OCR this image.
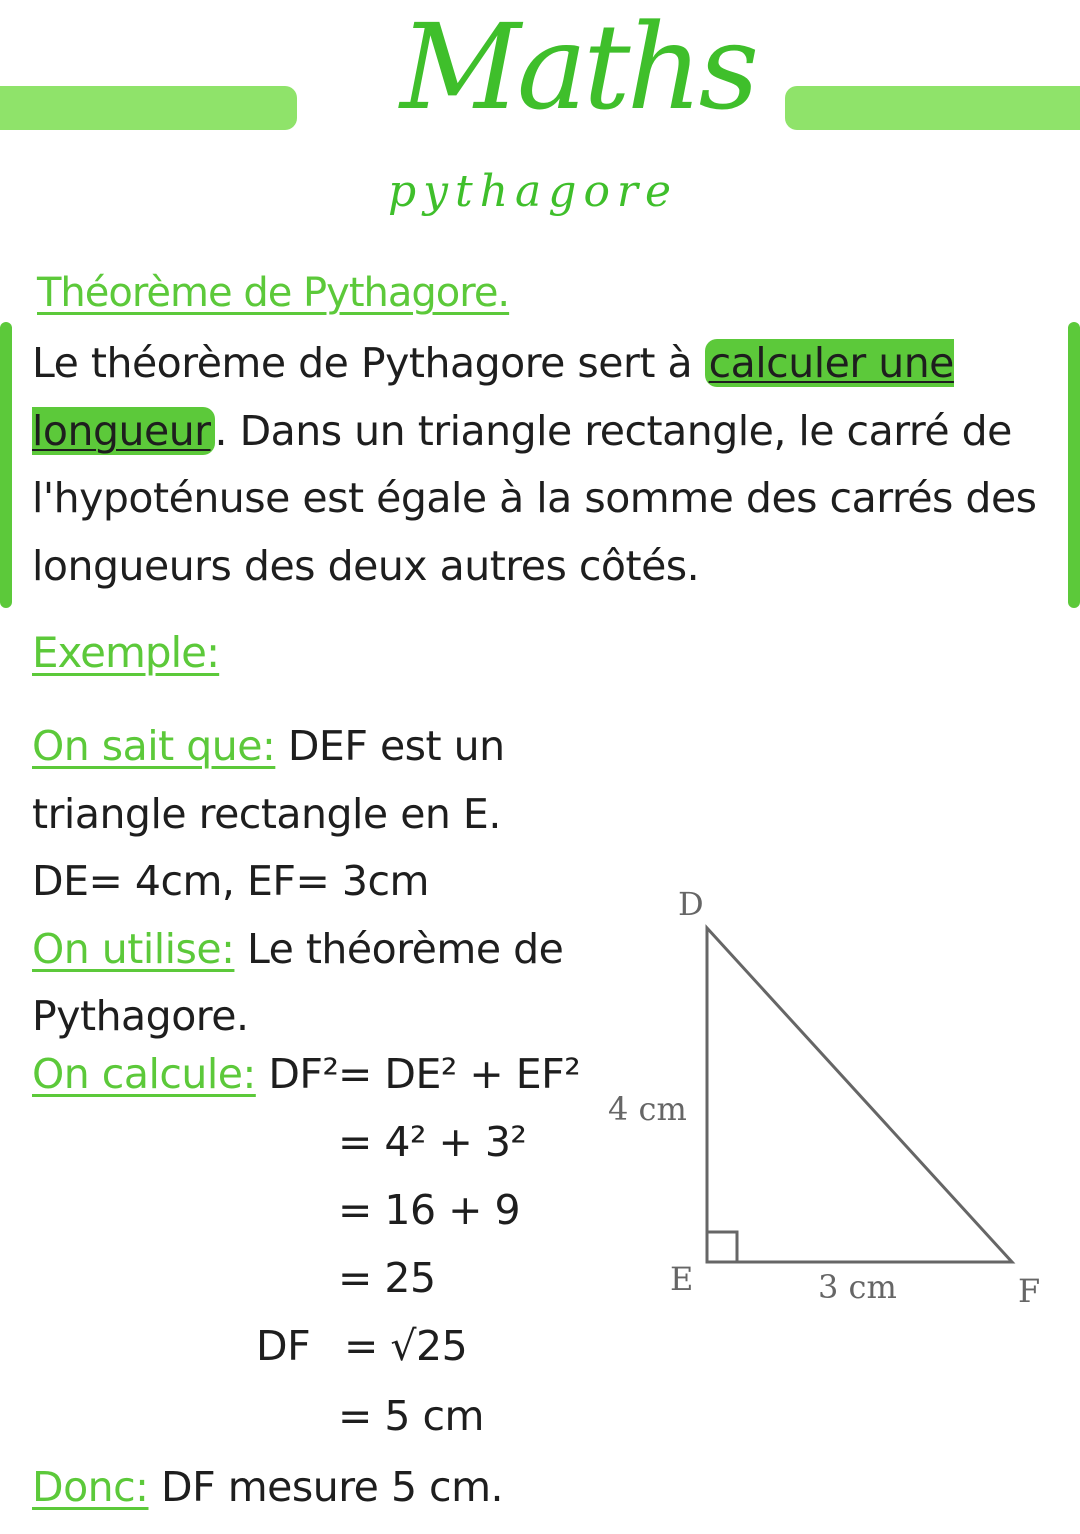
Maths
pythagore
Théorème de Pythagore.
Le théorème de Pythagore sert à calculer une longueur. Dans un triangle rectangle, le carré de l'hypoténuse est égale à la somme des carrés des longueurs des deux autres côtés.
Exemple:
On sait que: DEF est un
triangle rectangle en E.
DE= 4cm, EF= 3cm
On utilise: Le théorème de
Pythagore.
On calcule: DF² = DE² + EF²
= 4² + 3²
= 16 + 9
= 25
DF = √25
= 5 cm
Donc: DF mesure 5 cm.
D
E	F
4 cm
3 cm
